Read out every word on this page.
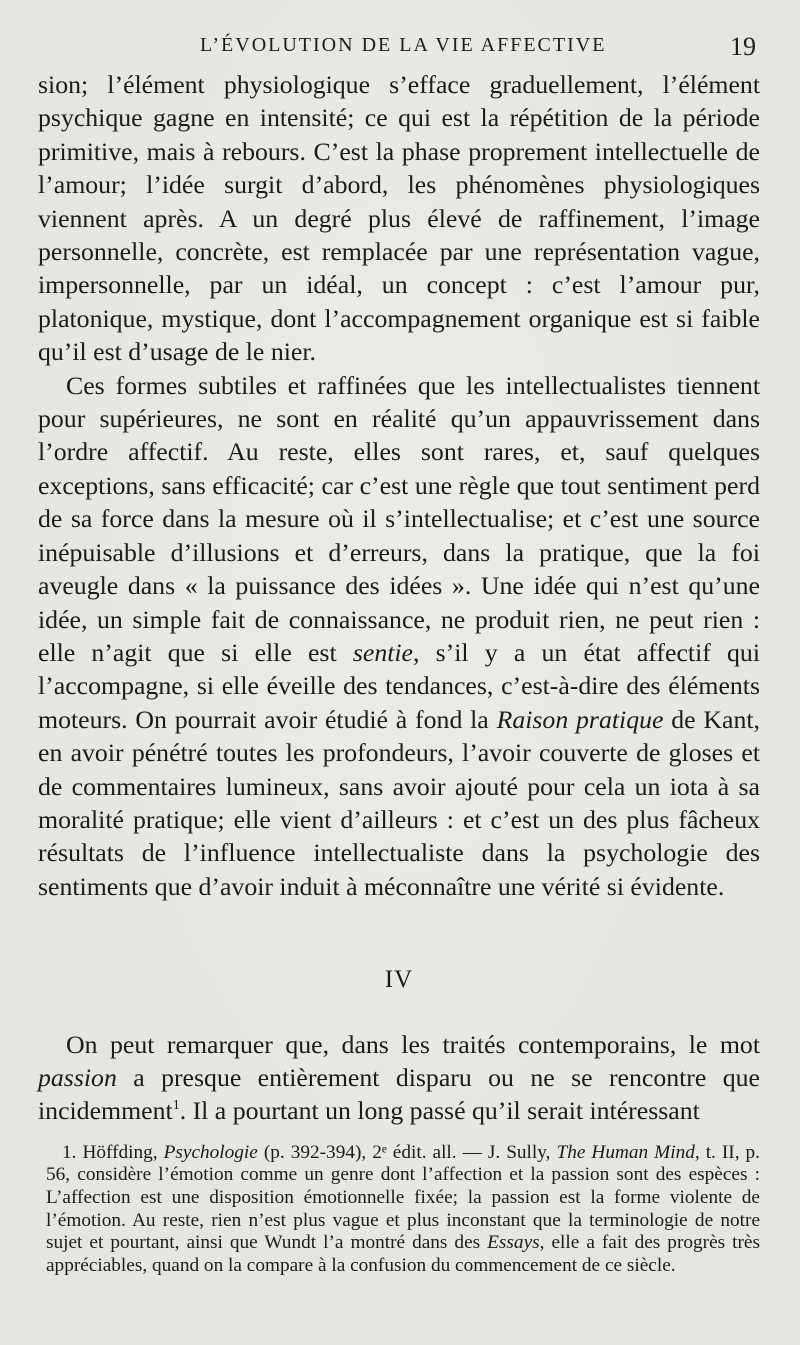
L’ÉVOLUTION DE LA VIE AFFECTIVE	19

sion; l’élément physiologique s’efface graduellement, l’élément psychique gagne en intensité; ce qui est la répétition de la période primitive, mais à rebours. C’est la phase proprement intellectuelle de l’amour; l’idée surgit d’abord, les phénomènes physiologiques viennent après. A un degré plus élevé de raffinement, l’image personnelle, concrète, est remplacée par une représentation vague, impersonnelle, par un idéal, un concept : c’est l’amour pur, platonique, mystique, dont l’accompagnement organique est si faible qu’il est d’usage de le nier.

Ces formes subtiles et raffinées que les intellectualistes tiennent pour supérieures, ne sont en réalité qu’un appauvrissement dans l’ordre affectif. Au reste, elles sont rares, et, sauf quelques exceptions, sans efficacité; car c’est une règle que tout sentiment perd de sa force dans la mesure où il s’intellectualise; et c’est une source inépuisable d’illusions et d’erreurs, dans la pratique, que la foi aveugle dans « la puissance des idées ». Une idée qui n’est qu’une idée, un simple fait de connaissance, ne produit rien, ne peut rien : elle n’agit que si elle est sentie, s’il y a un état affectif qui l’accompagne, si elle éveille des tendances, c’est-à-dire des éléments moteurs. On pourrait avoir étudié à fond la Raison pratique de Kant, en avoir pénétré toutes les profondeurs, l’avoir couverte de gloses et de commentaires lumineux, sans avoir ajouté pour cela un iota à sa moralité pratique; elle vient d’ailleurs : et c’est un des plus fâcheux résultats de l’influence intellectualiste dans la psychologie des sentiments que d’avoir induit à méconnaître une vérité si évidente.

IV

On peut remarquer que, dans les traités contemporains, le mot passion a presque entièrement disparu ou ne se rencontre que incidemment$^1$. Il a pourtant un long passé qu’il serait intéressant

1. Höffding, Psychologie (p. 392-394), 2ᵉ édit. all. — J. Sully, The Human Mind, t. II, p. 56, considère l’émotion comme un genre dont l’affection et la passion sont des espèces : L’affection est une disposition émotionnelle fixée; la passion est la forme violente de l’émotion. Au reste, rien n’est plus vague et plus inconstant que la terminologie de notre sujet et pourtant, ainsi que Wundt l’a montré dans des Essays, elle a fait des progrès très appréciables, quand on la compare à la confusion du commencement de ce siècle.
